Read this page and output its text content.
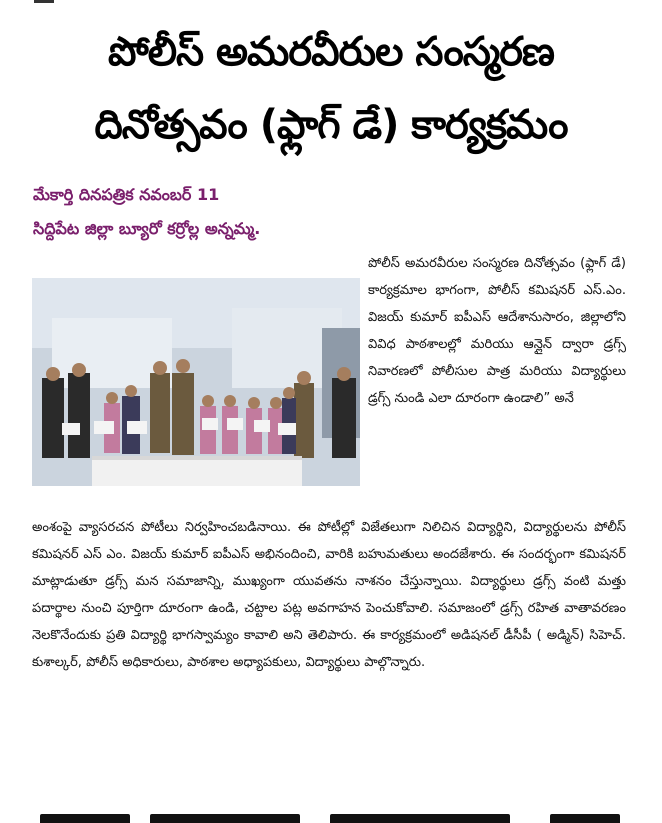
పోలీస్ అమరవీరుల సంస్మరణ
దినోత్సవం (ఫ్లాగ్ డే) కార్యక్రమం
మేకార్తి దినపత్రిక నవంబర్ 11
సిద్దిపేట జిల్లా బ్యూరో కర్రోల్ల అన్నమ్మ.
పోలీస్ అమరవీరుల సంస్మరణ దినోత్సవం (ఫ్లాగ్ డే) కార్యక్రమాల భాగంగా, పోలీస్ కమిషనర్ ఎస్.ఎం. విజయ్ కుమార్ ఐపీఎస్ ఆదేశానుసారం, జిల్లాలోని వివిధ పాఠశాలల్లో మరియు ఆన్లైన్ ద్వారా డ్రగ్స్ నివారణలో పోలీసుల పాత్ర మరియు విద్యార్థులు డ్రగ్స్ నుండి ఎలా దూరంగా ఉండాలి” అనే
అంశంపై వ్యాసరచన పోటీలు నిర్వహించబడినాయి. ఈ పోటీల్లో విజేతలుగా నిలిచిన విద్యార్థిని, విద్యార్థులను పోలీస్ కమిషనర్ ఎస్ ఎం. విజయ్ కుమార్ ఐపీఎస్ అభినందించి, వారికి బహుమతులు అందజేశారు. ఈ సందర్భంగా కమిషనర్ మాట్లాడుతూ డ్రగ్స్ మన సమాజాన్ని, ముఖ్యంగా యువతను నాశనం చేస్తున్నాయి. విద్యార్థులు డ్రగ్స్ వంటి మత్తు పదార్థాల నుంచి పూర్తిగా దూరంగా ఉండి, చట్టాల పట్ల అవగాహన పెంచుకోవాలి. సమాజంలో డ్రగ్స్ రహిత వాతావరణం నెలకొనేందుకు ప్రతి విద్యార్థి భాగస్వామ్యం కావాలి అని తెలిపారు. ఈ కార్యక్రమంలో అడిషనల్ డీసీపీ ( అడ్మిన్) సిహెచ్. కుశాల్కర్, పోలీస్ అధికారులు, పాఠశాల అధ్యాపకులు, విద్యార్థులు పాల్గొన్నారు.
